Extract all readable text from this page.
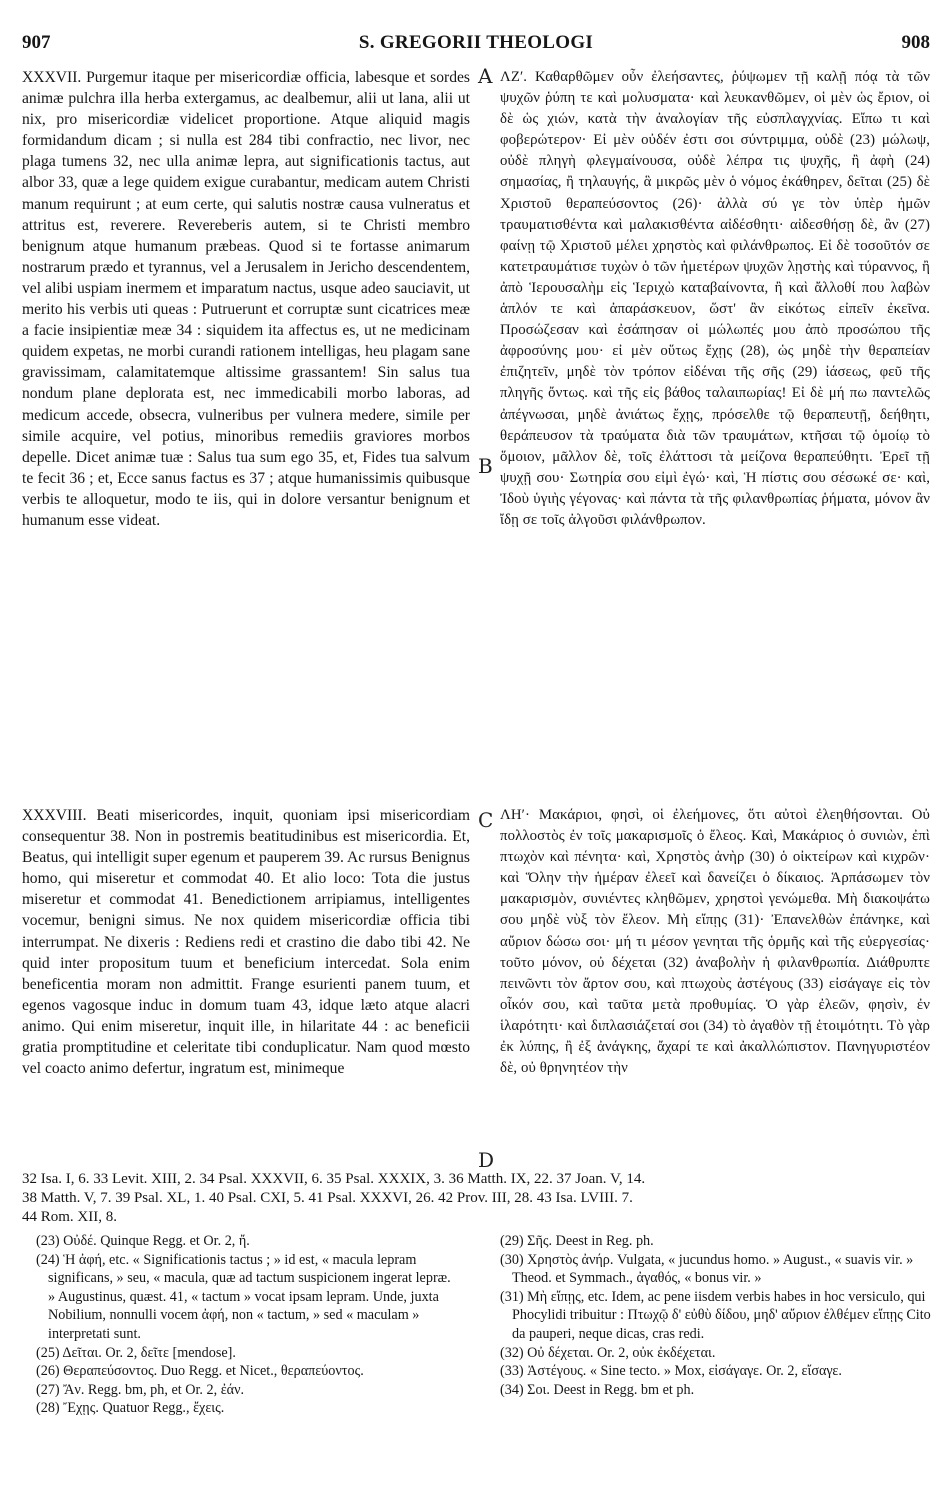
907	S. GREGORII THEOLOGI	908
A
B
C
D

XXXVII. Purgemur itaque per misericordiæ officia, labesque et sordes animæ pulchra illa herba extergamus, ac dealbemur, alii ut lana, alii ut nix, pro misericordiæ videlicet proportione. Atque aliquid magis formidandum dicam ; si nulla est 284 tibi confractio, nec livor, nec plaga tumens 32, nec ulla animæ lepra, aut significationis tactus, aut albor 33, quæ a lege quidem exigue curabantur, medicam autem Christi manum requirunt ; at eum certe, qui salutis nostræ causa vulneratus et attritus est, reverere. Revereberis autem, si te Christi membro benignum atque humanum præbeas. Quod si te fortasse animarum nostrarum prædo et tyrannus, vel a Jerusalem in Jericho descendentem, vel alibi uspiam inermem et imparatum nactus, usque adeo sauciavit, ut merito his verbis uti queas : Putruerunt et corruptæ sunt cicatrices meæ a facie insipientiæ meæ 34 : siquidem ita affectus es, ut ne medicinam quidem expetas, ne morbi curandi rationem intelligas, heu plagam sane gravissimam, calamitatemque altissime grassantem! Sin salus tua nondum plane deplorata est, nec immedicabili morbo laboras, ad medicum accede, obsecra, vulneribus per vulnera medere, simile per simile acquire, vel potius, minoribus remediis graviores morbos depelle. Dicet animæ tuæ : Salus tua sum ego 35, et, Fides tua salvum te fecit 36 ; et, Ecce sanus factus es 37 ; atque humanissimis quibusque verbis te alloquetur, modo te iis, qui in dolore versantur benignum et humanum esse videat.

XXXVIII. Beati misericordes, inquit, quoniam ipsi misericordiam consequentur 38. Non in postremis beatitudinibus est misericordia. Et, Beatus, qui intelligit super egenum et pauperem 39. Ac rursus Benignus homo, qui miseretur et commodat 40. Et alio loco: Tota die justus miseretur et commodat 41. Benedictionem arripiamus, intelligentes vocemur, benigni simus. Ne nox quidem misericordiæ officia tibi interrumpat. Ne dixeris : Rediens redi et crastino die dabo tibi 42. Ne quid inter propositum tuum et beneficium intercedat. Sola enim beneficentia moram non admittit. Frange esurienti panem tuum, et egenos vagosque induc in domum tuam 43, idque læto atque alacri animo. Qui enim miseretur, inquit ille, in hilaritate 44 : ac beneficii gratia promptitudine et celeritate tibi conduplicatur. Nam quod mœsto vel coacto animo defertur, ingratum est, minimeque

ΛΖʹ. Καθαρθῶμεν οὖν ἐλεήσαντες, ῥύψωμεν τῇ καλῇ πόᾳ τὰ τῶν ψυχῶν ῥύπη τε καὶ μολυσματα· καὶ λευκανθῶμεν, οἱ μὲν ὡς ἔριον, οἱ δὲ ὡς χιών, κατὰ τὴν ἀναλογίαν τῆς εὐσπλαγχνίας. Εἴπω τι καὶ φοβερώτερον· Εἰ μὲν οὐδέν ἐστι σοι σύντριμμα, οὐδὲ (23) μώλωψ, οὐδὲ πληγὴ φλεγμαίνουσα, οὐδὲ λέπρα τις ψυχῆς, ἢ ἀφὴ (24) σημασίας, ἢ τηλαυγής, ἃ μικρῶς μὲν ὁ νόμος ἐκάθηρεν, δεῖται (25) δὲ Χριστοῦ θεραπεύσοντος (26)· ἀλλὰ σύ γε τὸν ὑπὲρ ἡμῶν τραυματισθέντα καὶ μαλακισθέντα αἰδέσθητι· αἰδεσθήσῃ δὲ, ἂν (27) φαίνῃ τῷ Χριστοῦ μέλει χρηστὸς καὶ φιλάνθρωπος. Εἰ δὲ τοσοῦτόν σε κατετραυμάτισε τυχὼν ὁ τῶν ἡμετέρων ψυχῶν λῃστὴς καὶ τύραννος, ἢ ἀπὸ Ἱερουσαλὴμ εἰς Ἱεριχὼ καταβαίνοντα, ἢ καὶ ἄλλοθί που λαβὼν ἁπλόν τε καὶ ἀπαράσκευον, ὥστ' ἂν εἰκότως εἰπεῖν ἐκεῖνα. Προσώζεσαν καὶ ἐσάπησαν οἱ μώλωπές μου ἀπὸ προσώπου τῆς ἀφροσύνης μου· εἰ μὲν οὕτως ἔχῃς (28), ὡς μηδὲ τὴν θεραπείαν ἐπιζητεῖν, μηδὲ τὸν τρόπον εἰδέναι τῆς σῆς (29) ἰάσεως, φεῦ τῆς πληγῆς ὄντως. καὶ τῆς εἰς βάθος ταλαιπωρίας! Εἰ δὲ μή πω παντελῶς ἀπέγνωσαι, μηδὲ ἀνιάτως ἔχῃς, πρόσελθε τῷ θεραπευτῇ, δεήθητι, θεράπευσον τὰ τραύματα διὰ τῶν τραυμάτων, κτῆσαι τῷ ὁμοίῳ τὸ ὅμοιον, μᾶλλον δὲ, τοῖς ἐλάττοσι τὰ μείζονα θεραπεύθητι. Ἐρεῖ τῇ ψυχῇ σου· Σωτηρία σου εἰμὶ ἐγώ· καὶ, Ἡ πίστις σου σέσωκέ σε· καὶ, Ἰδοὺ ὑγιὴς γέγονας· καὶ πάντα τὰ τῆς φιλανθρωπίας ῥήματα, μόνον ἂν ἴδῃ σε τοῖς ἀλγοῦσι φιλάνθρωπον.

ΛΗʹ· Μακάριοι, φησὶ, οἱ ἐλεήμονες, ὅτι αὐτοὶ ἐλεηθήσονται. Οὐ πολλοστὸς ἐν τοῖς μακαρισμοῖς ὁ ἔλεος. Καὶ, Μακάριος ὁ συνιὼν, ἐπὶ πτωχὸν καὶ πένητα· καὶ, Χρηστὸς ἀνὴρ (30) ὁ οἰκτείρων καὶ κιχρῶν· καὶ Ὅλην τὴν ἡμέραν ἐλεεῖ καὶ δανείζει ὁ δίκαιος. Ἁρπάσωμεν τὸν μακαρισμὸν, συνιέντες κληθῶμεν, χρηστοὶ γενώμεθα. Μὴ διακοψάτω σου μηδὲ νὺξ τὸν ἔλεον. Μὴ εἴπῃς (31)· Ἐπανελθὼν ἐπάνηκε, καὶ αὔριον δώσω σοι· μή τι μέσον γενηται τῆς ὁρμῆς καὶ τῆς εὐεργεσίας· τοῦτο μόνον, οὐ δέχεται (32) ἀναβολὴν ἡ φιλανθρωπία. Διάθρυπτε πεινῶντι τὸν ἄρτον σου, καὶ πτωχοὺς ἀστέγους (33) εἰσάγαγε εἰς τὸν οἶκόν σου, καὶ ταῦτα μετὰ προθυμίας. Ὁ γὰρ ἐλεῶν, φησὶν, ἐν ἱλαρότητι· καὶ διπλασιάζεταί σοι (34) τὸ ἀγαθὸν τῇ ἑτοιμότητι. Τὸ γὰρ ἐκ λύπης, ἢ ἐξ ἀνάγκης, ἄχαρί τε καὶ ἀκαλλώπιστον. Πανηγυριστέον δὲ, οὐ θρηνητέον τὴν

32 Isa. I, 6. 33 Levit. XIII, 2. 34 Psal. XXXVII, 6. 35 Psal. XXXIX, 3. 36 Matth. IX, 22. 37 Joan. V, 14.
38 Matth. V, 7. 39 Psal. XL, 1. 40 Psal. CXI, 5. 41 Psal. XXXVI, 26. 42 Prov. III, 28. 43 Isa. LVIII. 7.
44 Rom. XII, 8.

(23) Οὐδέ. Quinque Regg. et Or. 2, ἤ.

(24) Ἡ ἀφή, etc. « Significationis tactus ; » id est, « macula lepram significans, » seu, « macula, quæ ad tactum suspicionem ingerat lepræ. » Augustinus, quæst. 41, « tactum » vocat ipsam lepram. Unde, juxta Nobilium, nonnulli vocem ἀφή, non « tactum, » sed « maculam » interpretati sunt.

(25) Δεῖται. Or. 2, δεῖτε [mendose].

(26) Θεραπεύσοντος. Duo Regg. et Nicet., θεραπεύοντος.

(27) Ἄν. Regg. bm, ph, et Or. 2, ἐάν.

(28) Ἔχῃς. Quatuor Regg., ἔχεις.

(29) Σῆς. Deest in Reg. ph.

(30) Χρηστὸς ἀνήρ. Vulgata, « jucundus homo. » August., « suavis vir. » Theod. et Symmach., ἀγαθός, « bonus vir. »

(31) Μὴ εἴπῃς, etc. Idem, ac pene iisdem verbis habes in hoc versiculo, qui Phocylidi tribuitur : Πτωχῷ δ' εὐθὺ δίδου, μηδ' αὔριον ἐλθέμεν εἴπῃς Cito da pauperi, neque dicas, cras redi.

(32) Οὐ δέχεται. Or. 2, οὐκ ἐκδέχεται.

(33) Ἀστέγους. « Sine tecto. » Mox, εἰσάγαγε. Or. 2, εἴσαγε.

(34) Σοι. Deest in Regg. bm et ph.
